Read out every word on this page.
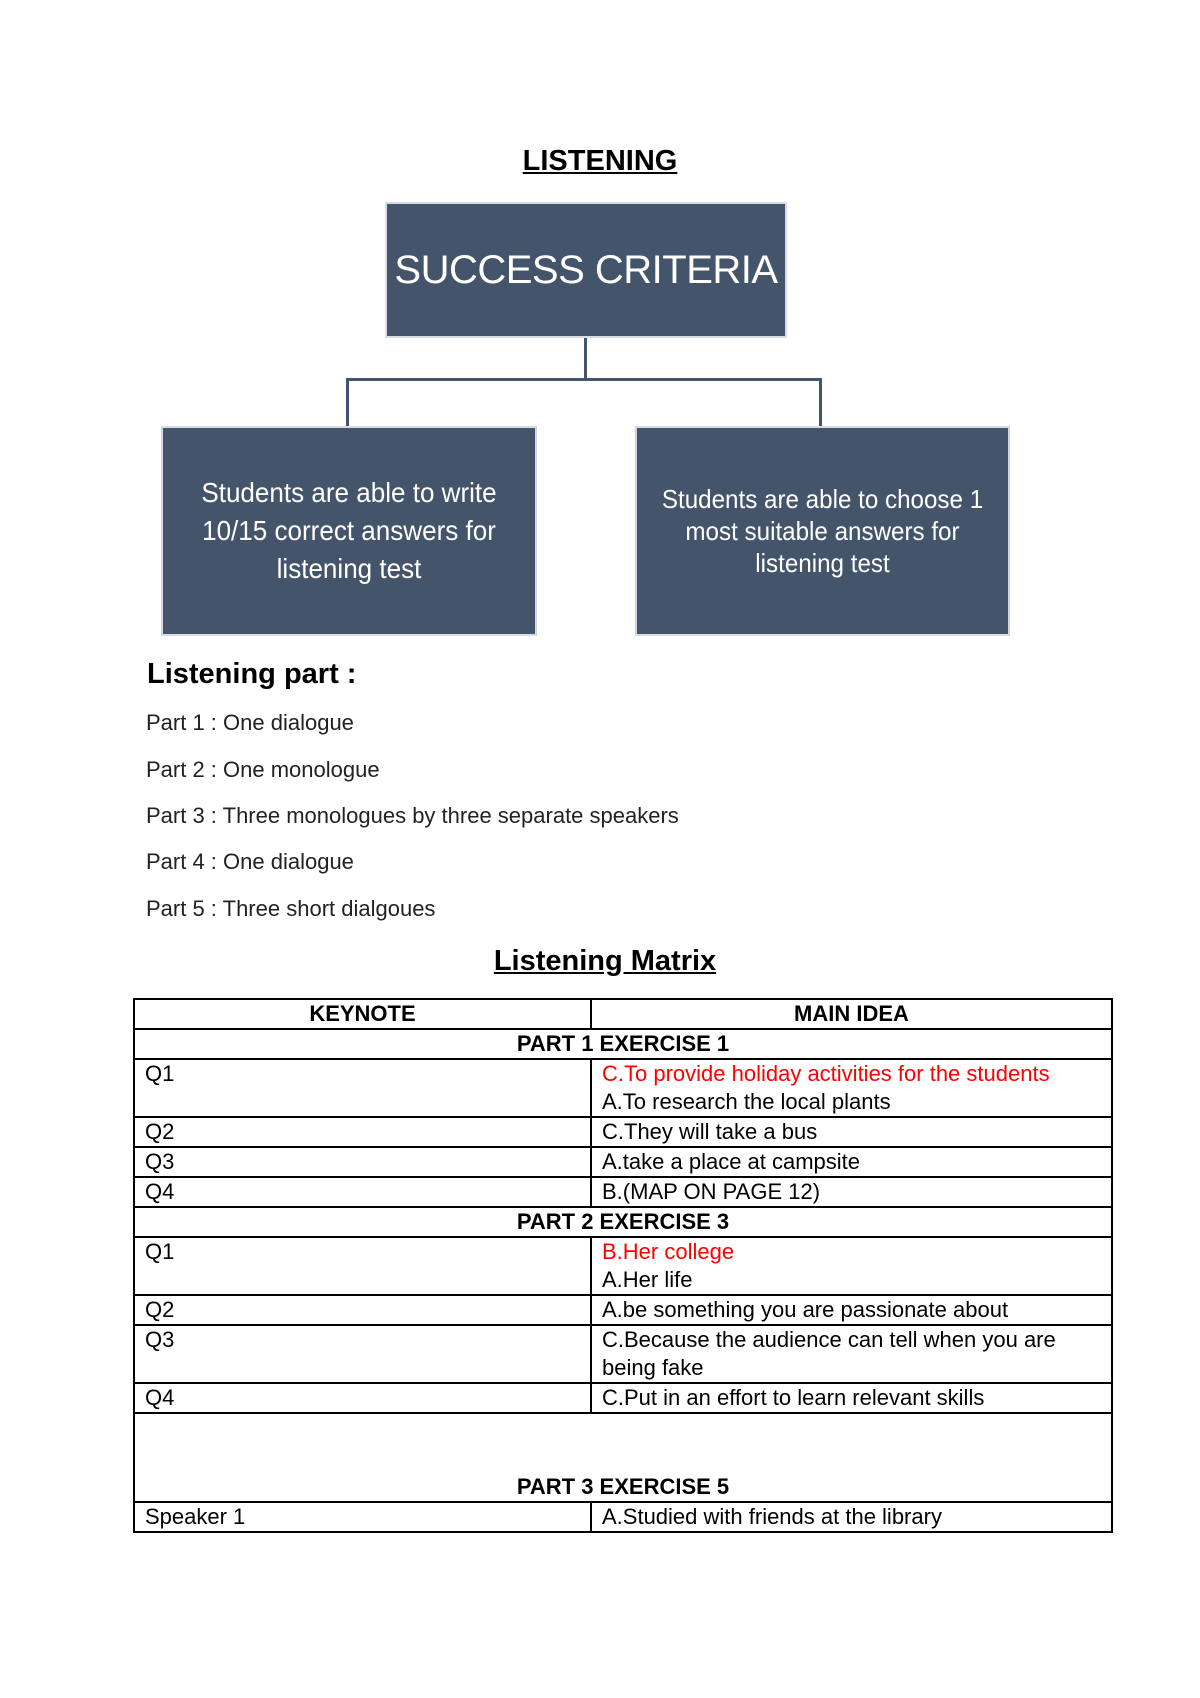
LISTENING
SUCCESS CRITERIA
Students are able to write 10/15 correct answers for listening test
Students are able to choose 1 most suitable answers for listening test
Listening part :
Part 1 : One dialogue
Part 2 : One monologue
Part 3 : Three monologues by three separate speakers
Part 4 : One dialogue
Part 5 : Three short dialgoues
Listening Matrix
KEYNOTE	MAIN IDEA
PART 1 EXERCISE 1	
Q1	C.To provide holiday activities for the students
A.To research the local plants

Q2	C.They will take a bus

Q3	A.take a place at campsite

Q4	B.(MAP ON PAGE 12)

PART 2 EXERCISE 3	
Q1	B.Her college
A.Her life

Q2	A.be something you are passionate about

Q3	C.Because the audience can tell when you are being fake

Q4	C.Put in an effort to learn relevant skills

PART 3 EXERCISE 5	
Speaker 1	A.Studied with friends at the library
